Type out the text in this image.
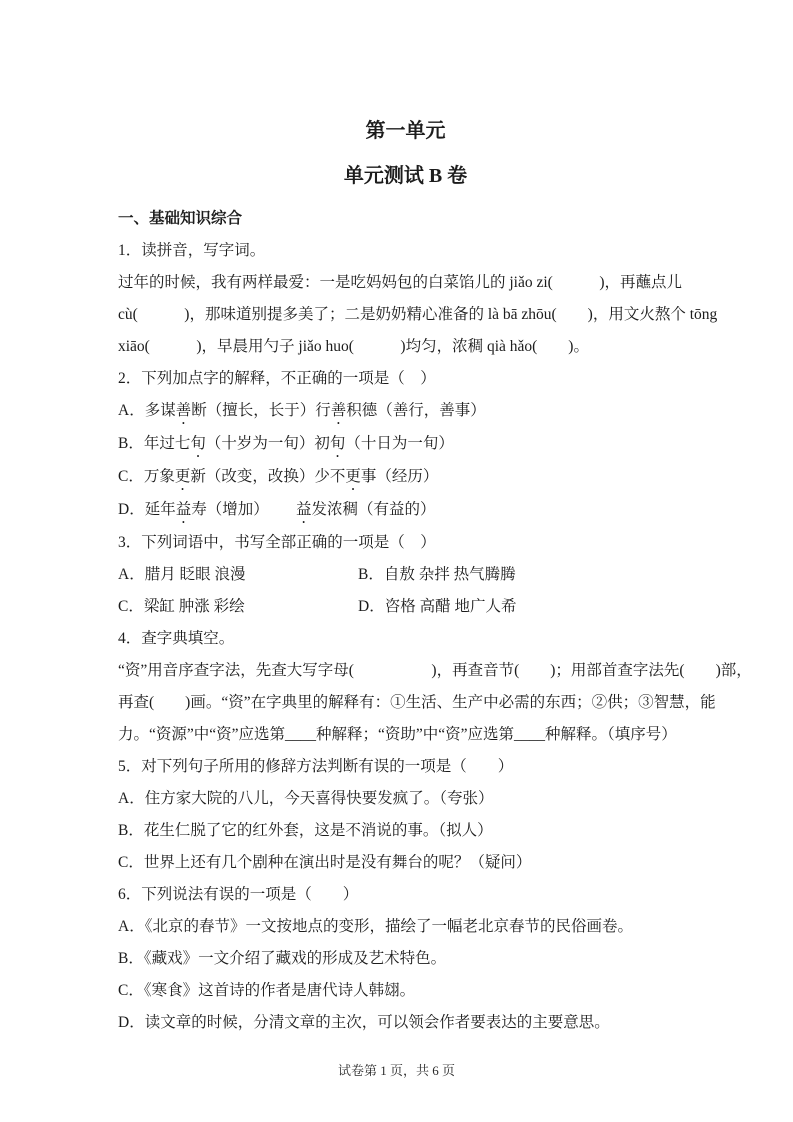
第一单元
单元测试 B 卷
一、基础知识综合
1．读拼音，写字词。
过年的时候，我有两样最爱：一是吃妈妈包的白菜馅儿的 jiǎo zi(　　　)，再蘸点儿
cù(　　　)，那味道别提多美了；二是奶奶精心准备的 là bā zhōu(　　)，用文火熬个 tōng
xiāo(　　　)，早晨用勺子 jiǎo huo(　　　)均匀，浓稠 qià hǎo(　　)。
2．下列加点字的解释，不正确的一项是（　）
A．多谋善断（擅长，长于）行善积德（善行，善事）
B．年过七旬（十岁为一旬）初旬（十日为一旬）
C．万象更新（改变，改换）少不更事（经历）
D．延年益寿（增加） 益发浓稠（有益的）
3．下列词语中，书写全部正确的一项是（　）
A．腊月 眨眼 浪漫	B．自敖 杂拌 热气腾腾
C．梁缸 肿涨 彩绘	D．咨格 高醋 地广人希
4．查字典填空。
“资”用音序查字法，先查大写字母(　　　　　)，再查音节(　　)；用部首查字法先(　　)部，
再查(　　)画。“资”在字典里的解释有：①生活、生产中必需的东西；②供；③智慧，能
力。“资源”中“资”应选第____种解释；“资助”中“资”应选第____种解释。（填序号）
5．对下列句子所用的修辞方法判断有误的一项是（　　）
A．住方家大院的八儿，今天喜得快要发疯了。（夸张）
B．花生仁脱了它的红外套，这是不消说的事。（拟人）
C．世界上还有几个剧种在演出时是没有舞台的呢？（疑问）
6．下列说法有误的一项是（　　）
A．《北京的春节》一文按地点的变形，描绘了一幅老北京春节的民俗画卷。
B．《藏戏》一文介绍了藏戏的形成及艺术特色。
C．《寒食》这首诗的作者是唐代诗人韩翃。
D．读文章的时候，分清文章的主次，可以领会作者要表达的主要意思。
试卷第 1 页，共 6 页
